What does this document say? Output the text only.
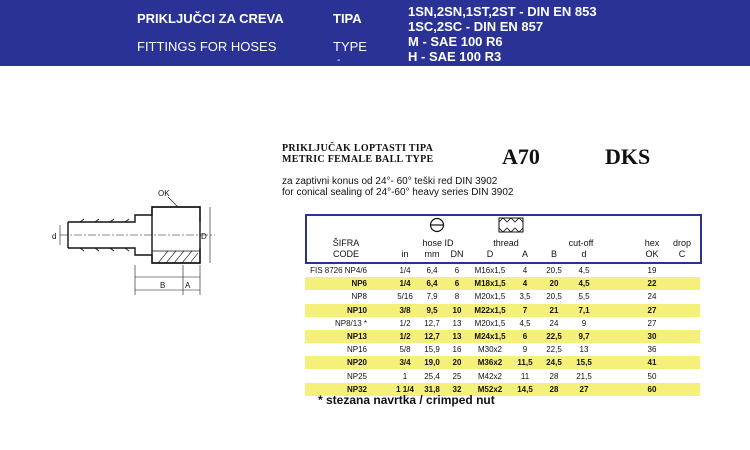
PRIKLJUČCI ZA CREVA
FITTINGS FOR HOSES
TIPA
TYPE
-
1SN,2SN,1ST,2ST - DIN EN 853
1SC,2SC - DIN EN 857
M - SAE 100 R6
H - SAE 100 R3
OK
d	D
B A
PRIKLJUČAK LOPTASTI TIPA
METRIC FEMALE BALL TYPE	A70	DKS
za zaptivni konus od 24°- 60° teški red DIN 3902
for conical sealing of 24°-60° heavy series DIN 3902
ŠIFRA	hose ID	thread	cut-off	hex	drop
CODE	in	mm	DN	D	A	B	d	OK	C
FIS 8726 NP4/6	1/4	6,4	6	M16x1,5	4	20,5	4,5	19
NP6	1/4	6,4	6	M18x1,5	4	20	4,5	22
NP8	5/16	7,9	8	M20x1,5	3,5	20,5	5,5	24
NP10	3/8	9,5	10	M22x1,5	7	21	7,1	27
NP8/13 *	1/2	12,7	13	M20x1,5	4,5	24	9	27
NP13	1/2	12,7	13	M24x1,5	6	22,5	9,7	30
NP16	5/8	15,9	16	M30x2	9	22,5	13	36
NP20	3/4	19,0	20	M36x2	11,5	24,5	15,5	41
NP25	1	25,4	25	M42x2	11	28	21,5	50
NP32	1 1/4	31,8	32	M52x2	14,5	28	27	60
* stezana navrtka / crimped nut
